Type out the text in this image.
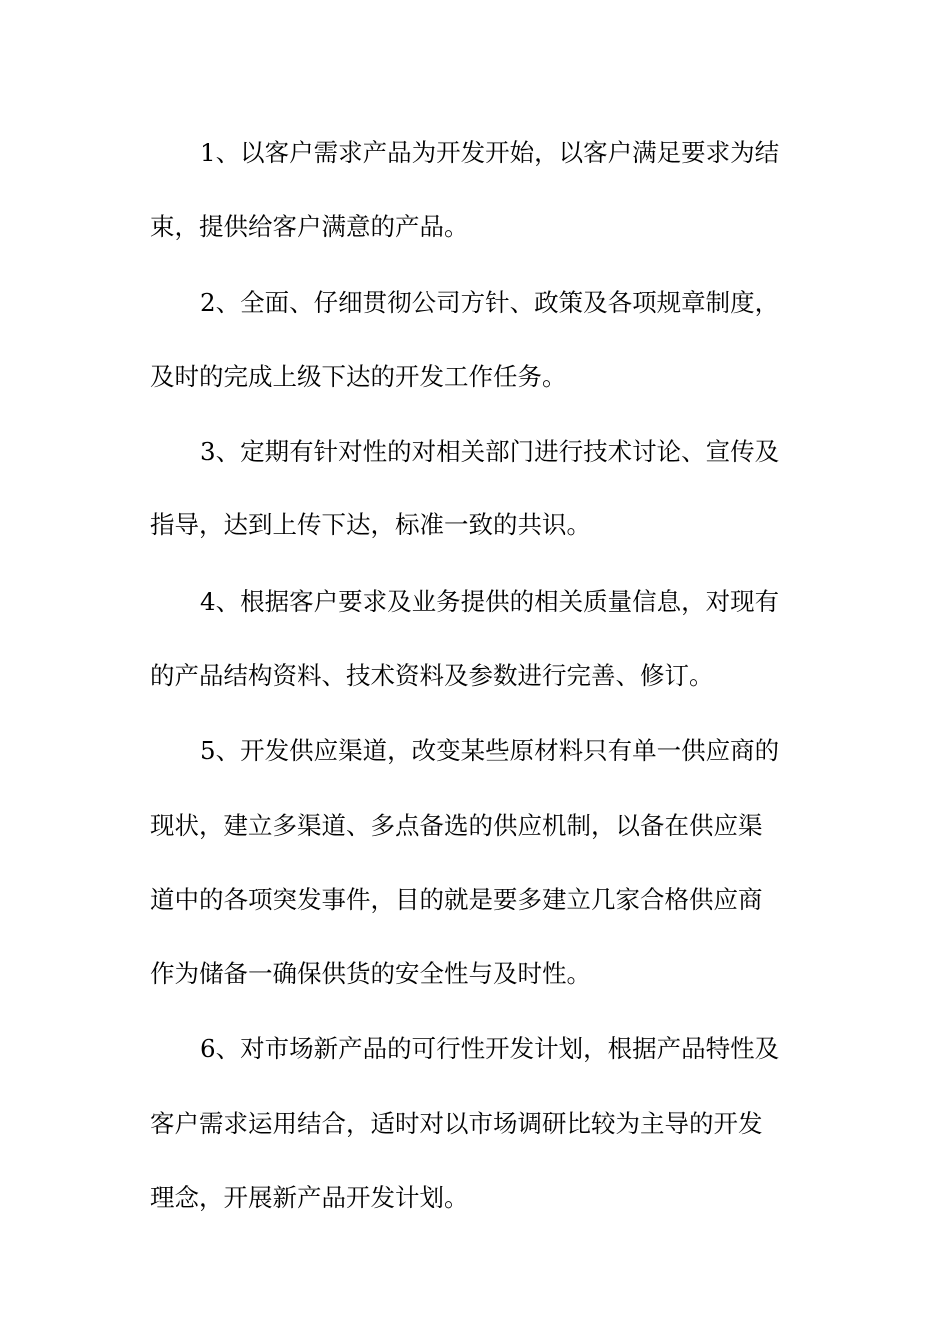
1、以客户需求产品为开发开始，以客户满足要求为结
束，提供给客户满意的产品。
2、全面、仔细贯彻公司方针、政策及各项规章制度，
及时的完成上级下达的开发工作任务。
3、定期有针对性的对相关部门进行技术讨论、宣传及
指导，达到上传下达，标准一致的共识。
4、根据客户要求及业务提供的相关质量信息，对现有
的产品结构资料、技术资料及参数进行完善、修订。
5、开发供应渠道，改变某些原材料只有单一供应商的
现状，建立多渠道、多点备选的供应机制，以备在供应渠
道中的各项突发事件，目的就是要多建立几家合格供应商
作为储备一确保供货的安全性与及时性。
6、对市场新产品的可行性开发计划，根据产品特性及
客户需求运用结合，适时对以市场调研比较为主导的开发
理念，开展新产品开发计划。
